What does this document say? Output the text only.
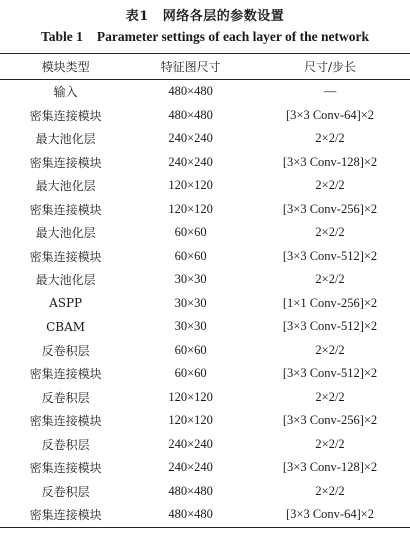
表1 网络各层的参数设置
Table 1 Parameter settings of each layer of the network
模块类型	特征图尺寸	尺寸/步长
输入	480×480	—
密集连接模块	480×480	[3×3 Conv-64]×2
最大池化层	240×240	2×2/2
密集连接模块	240×240	[3×3 Conv-128]×2
最大池化层	120×120	2×2/2
密集连接模块	120×120	[3×3 Conv-256]×2
最大池化层	60×60	2×2/2
密集连接模块	60×60	[3×3 Conv-512]×2
最大池化层	30×30	2×2/2
ASPP	30×30	[1×1 Conv-256]×2
CBAM	30×30	[3×3 Conv-512]×2
反卷积层	60×60	2×2/2
密集连接模块	60×60	[3×3 Conv-512]×2
反卷积层	120×120	2×2/2
密集连接模块	120×120	[3×3 Conv-256]×2
反卷积层	240×240	2×2/2
密集连接模块	240×240	[3×3 Conv-128]×2
反卷积层	480×480	2×2/2
密集连接模块	480×480	[3×3 Conv-64]×2
